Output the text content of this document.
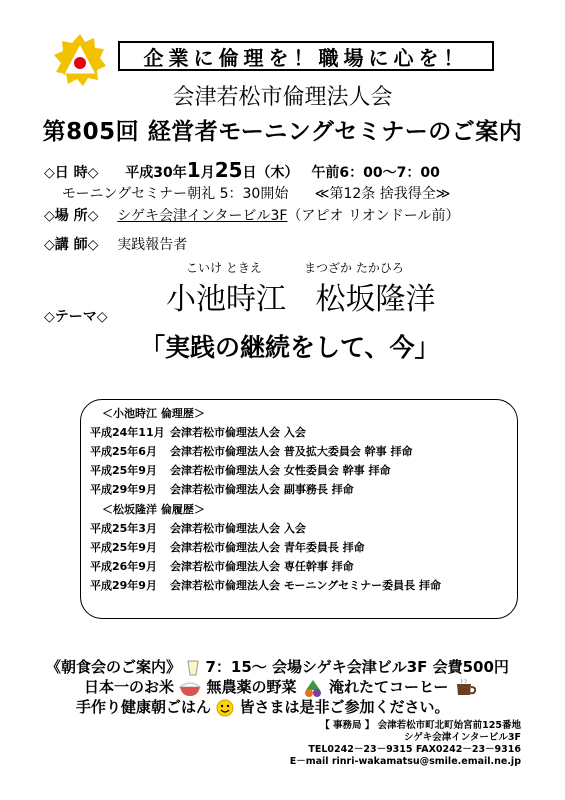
企業に倫理を！職場に心を！
会津若松市倫理法人会
第805回 経営者モーニングセミナーのご案内
◇日 時◇ 平成30年1月25日（木） 午前6：00～7：00
モーニングセミナー朝礼 5：30開始 ≪第12条 捨我得全≫
◇場 所◇ シゲキ会津インタービル3F（アピオ リオンドール前）
◇講 師◇ 実践報告者
こいけ ときえ	まつざか たかひろ
小池時江 松坂隆洋
◇テーマ◇
「実践の継続をして、今」
＜小池時江 倫理歴＞
平成24年11月 会津若松市倫理法人会 入会
平成25年6月 会津若松市倫理法人会 普及拡大委員会 幹事 拝命
平成25年9月 会津若松市倫理法人会 女性委員会 幹事 拝命
平成29年9月 会津若松市倫理法人会 副事務長 拝命
＜松坂隆洋 倫履歴＞
平成25年3月 会津若松市倫理法人会 入会
平成25年9月 会津若松市倫理法人会 青年委員長 拝命
平成26年9月 会津若松市倫理法人会 専任幹事 拝命
平成29年9月 会津若松市倫理法人会 モーニングセミナー委員長 拝命
《朝食会のご案内》 7：15～ 会場シゲキ会津ビル3F 会費500円
日本一のお米 無農薬の野菜 淹れたてコーヒー
手作り健康朝ごはん 皆さまは是非ご参加ください。
【 事務局 】 会津若松市町北町始宮前125番地
シゲキ会津インタービル3F
TEL0242－23－9315 FAX0242－23－9316
E－mail rinri-wakamatsu@smile.email.ne.jp
